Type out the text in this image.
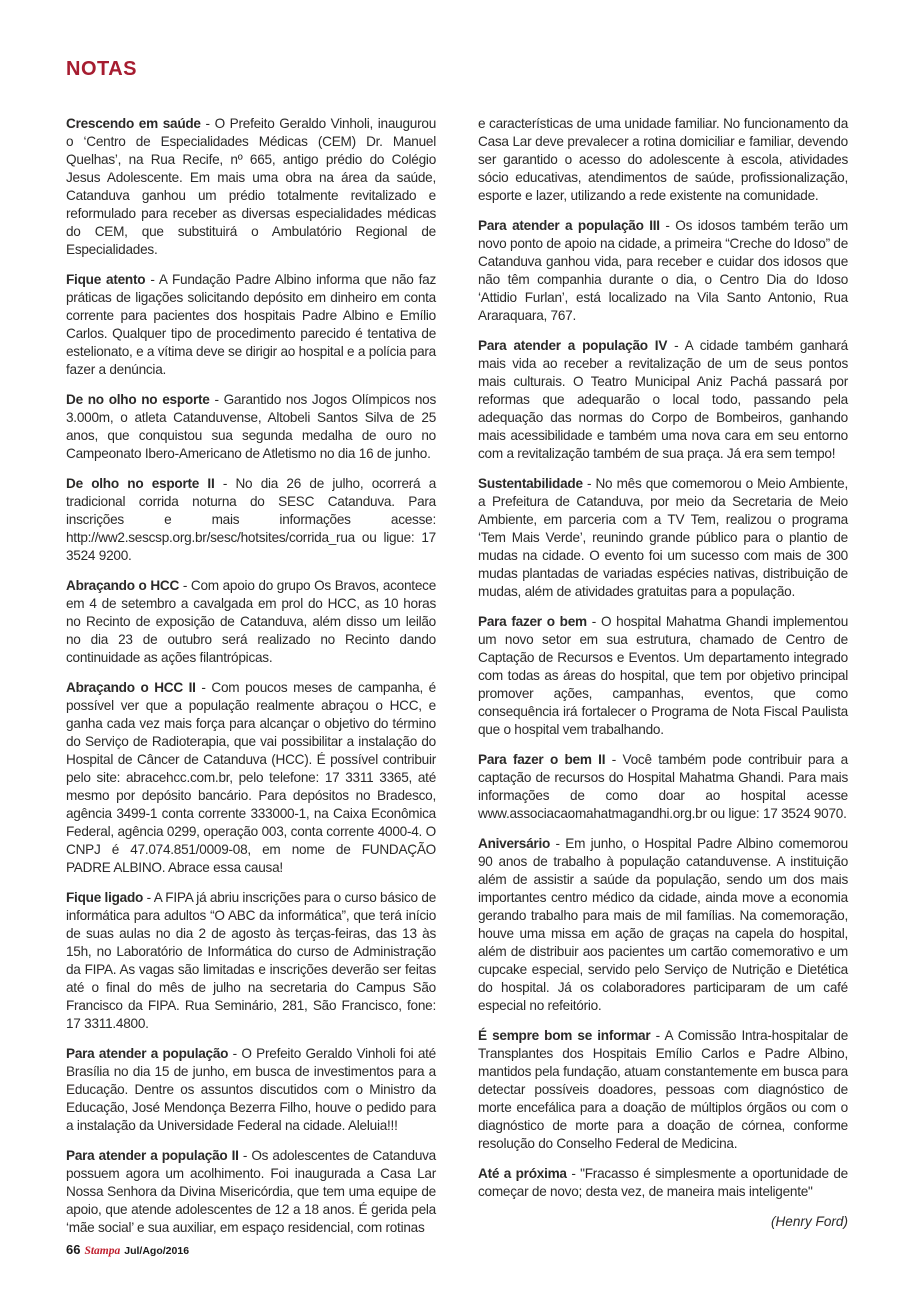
NOTAS

Crescendo em saúde - O Prefeito Geraldo Vinholi, inaugurou o ‘Centro de Especialidades Médicas (CEM) Dr. Manuel Quelhas’, na Rua Recife, nº 665, antigo prédio do Colégio Jesus Adolescente. Em mais uma obra na área da saúde, Catanduva ganhou um prédio totalmente revitalizado e reformulado para receber as diversas especialidades médicas do CEM, que substituirá o Ambulatório Regional de Especialidades.

Fique atento - A Fundação Padre Albino informa que não faz práticas de ligações solicitando depósito em dinheiro em conta corrente para pacientes dos hospitais Padre Albino e Emílio Carlos. Qualquer tipo de procedimento parecido é tentativa de estelionato, e a vítima deve se dirigir ao hospital e a polícia para fazer a denúncia.

De no olho no esporte - Garantido nos Jogos Olímpicos nos 3.000m, o atleta Catanduvense, Altobeli Santos Silva de 25 anos, que conquistou sua segunda medalha de ouro no Campeonato Ibero-Americano de Atletismo no dia 16 de junho.

De olho no esporte II - No dia 26 de julho, ocorrerá a tradicional corrida noturna do SESC Catanduva. Para inscrições e mais informações acesse: http://ww2.sescsp.org.br/sesc/hotsites/corrida_rua ou ligue: 17 3524 9200.

Abraçando o HCC - Com apoio do grupo Os Bravos, acontece em 4 de setembro a cavalgada em prol do HCC, as 10 horas no Recinto de exposição de Catanduva, além disso um leilão no dia 23 de outubro será realizado no Recinto dando continuidade as ações filantrópicas.

Abraçando o HCC II - Com poucos meses de campanha, é possível ver que a população realmente abraçou o HCC, e ganha cada vez mais força para alcançar o objetivo do término do Serviço de Radioterapia, que vai possibilitar a instalação do Hospital de Câncer de Catanduva (HCC). É possível contribuir pelo site: abracehcc.com.br, pelo telefone: 17 3311 3365, até mesmo por depósito bancário. Para depósitos no Bradesco, agência 3499-1 conta corrente 333000-1, na Caixa Econômica Federal, agência 0299, operação 003, conta corrente 4000-4. O CNPJ é 47.074.851/0009-08, em nome de FUNDAÇÃO PADRE ALBINO. Abrace essa causa!

Fique ligado - A FIPA já abriu inscrições para o curso básico de informática para adultos “O ABC da informática”, que terá início de suas aulas no dia 2 de agosto às terças-feiras, das 13 às 15h, no Laboratório de Informática do curso de Administração da FIPA. As vagas são limitadas e inscrições deverão ser feitas até o final do mês de julho na secretaria do Campus São Francisco da FIPA. Rua Seminário, 281, São Francisco, fone: 17 3311.4800.

Para atender a população - O Prefeito Geraldo Vinholi foi até Brasília no dia 15 de junho, em busca de investimentos para a Educação. Dentre os assuntos discutidos com o Ministro da Educação, José Mendonça Bezerra Filho, houve o pedido para a instalação da Universidade Federal na cidade. Aleluia!!!

Para atender a população II - Os adolescentes de Catanduva possuem agora um acolhimento. Foi inaugurada a Casa Lar Nossa Senhora da Divina Misericórdia, que tem uma equipe de apoio, que atende adolescentes de 12 a 18 anos. É gerida pela ‘mãe social’ e sua auxiliar, em espaço residencial, com rotinas

e características de uma unidade familiar. No funcionamento da Casa Lar deve prevalecer a rotina domiciliar e familiar, devendo ser garantido o acesso do adolescente à escola, atividades sócio educativas, atendimentos de saúde, profissionalização, esporte e lazer, utilizando a rede existente na comunidade.

Para atender a população III - Os idosos também terão um novo ponto de apoio na cidade, a primeira “Creche do Idoso” de Catanduva ganhou vida, para receber e cuidar dos idosos que não têm companhia durante o dia, o Centro Dia do Idoso ‘Attidio Furlan’, está localizado na Vila Santo Antonio, Rua Araraquara, 767.

Para atender a população IV - A cidade também ganhará mais vida ao receber a revitalização de um de seus pontos mais culturais. O Teatro Municipal Aniz Pachá passará por reformas que adequarão o local todo, passando pela adequação das normas do Corpo de Bombeiros, ganhando mais acessibilidade e também uma nova cara em seu entorno com a revitalização também de sua praça. Já era sem tempo!

Sustentabilidade - No mês que comemorou o Meio Ambiente, a Prefeitura de Catanduva, por meio da Secretaria de Meio Ambiente, em parceria com a TV Tem, realizou o programa ‘Tem Mais Verde’, reunindo grande público para o plantio de mudas na cidade. O evento foi um sucesso com mais de 300 mudas plantadas de variadas espécies nativas, distribuição de mudas, além de atividades gratuitas para a população.

Para fazer o bem - O hospital Mahatma Ghandi implementou um novo setor em sua estrutura, chamado de Centro de Captação de Recursos e Eventos. Um departamento integrado com todas as áreas do hospital, que tem por objetivo principal promover ações, campanhas, eventos, que como consequência irá fortalecer o Programa de Nota Fiscal Paulista que o hospital vem trabalhando.

Para fazer o bem II - Você também pode contribuir para a captação de recursos do Hospital Mahatma Ghandi. Para mais informações de como doar ao hospital acesse www.associacaomahatmagandhi.org.br ou ligue: 17 3524 9070.

Aniversário - Em junho, o Hospital Padre Albino comemorou 90 anos de trabalho à população catanduvense. A instituição além de assistir a saúde da população, sendo um dos mais importantes centro médico da cidade, ainda move a economia gerando trabalho para mais de mil famílias. Na comemoração, houve uma missa em ação de graças na capela do hospital, além de distribuir aos pacientes um cartão comemorativo e um cupcake especial, servido pelo Serviço de Nutrição e Dietética do hospital. Já os colaboradores participaram de um café especial no refeitório.

É sempre bom se informar - A Comissão Intra-hospitalar de Transplantes dos Hospitais Emílio Carlos e Padre Albino, mantidos pela fundação, atuam constantemente em busca para detectar possíveis doadores, pessoas com diagnóstico de morte encefálica para a doação de múltiplos órgãos ou com o diagnóstico de morte para a doação de córnea, conforme resolução do Conselho Federal de Medicina.

Até a próxima - "Fracasso é simplesmente a oportunidade de começar de novo; desta vez, de maneira mais inteligente"

(Henry Ford)
66 Stampa Jul/Ago/2016
